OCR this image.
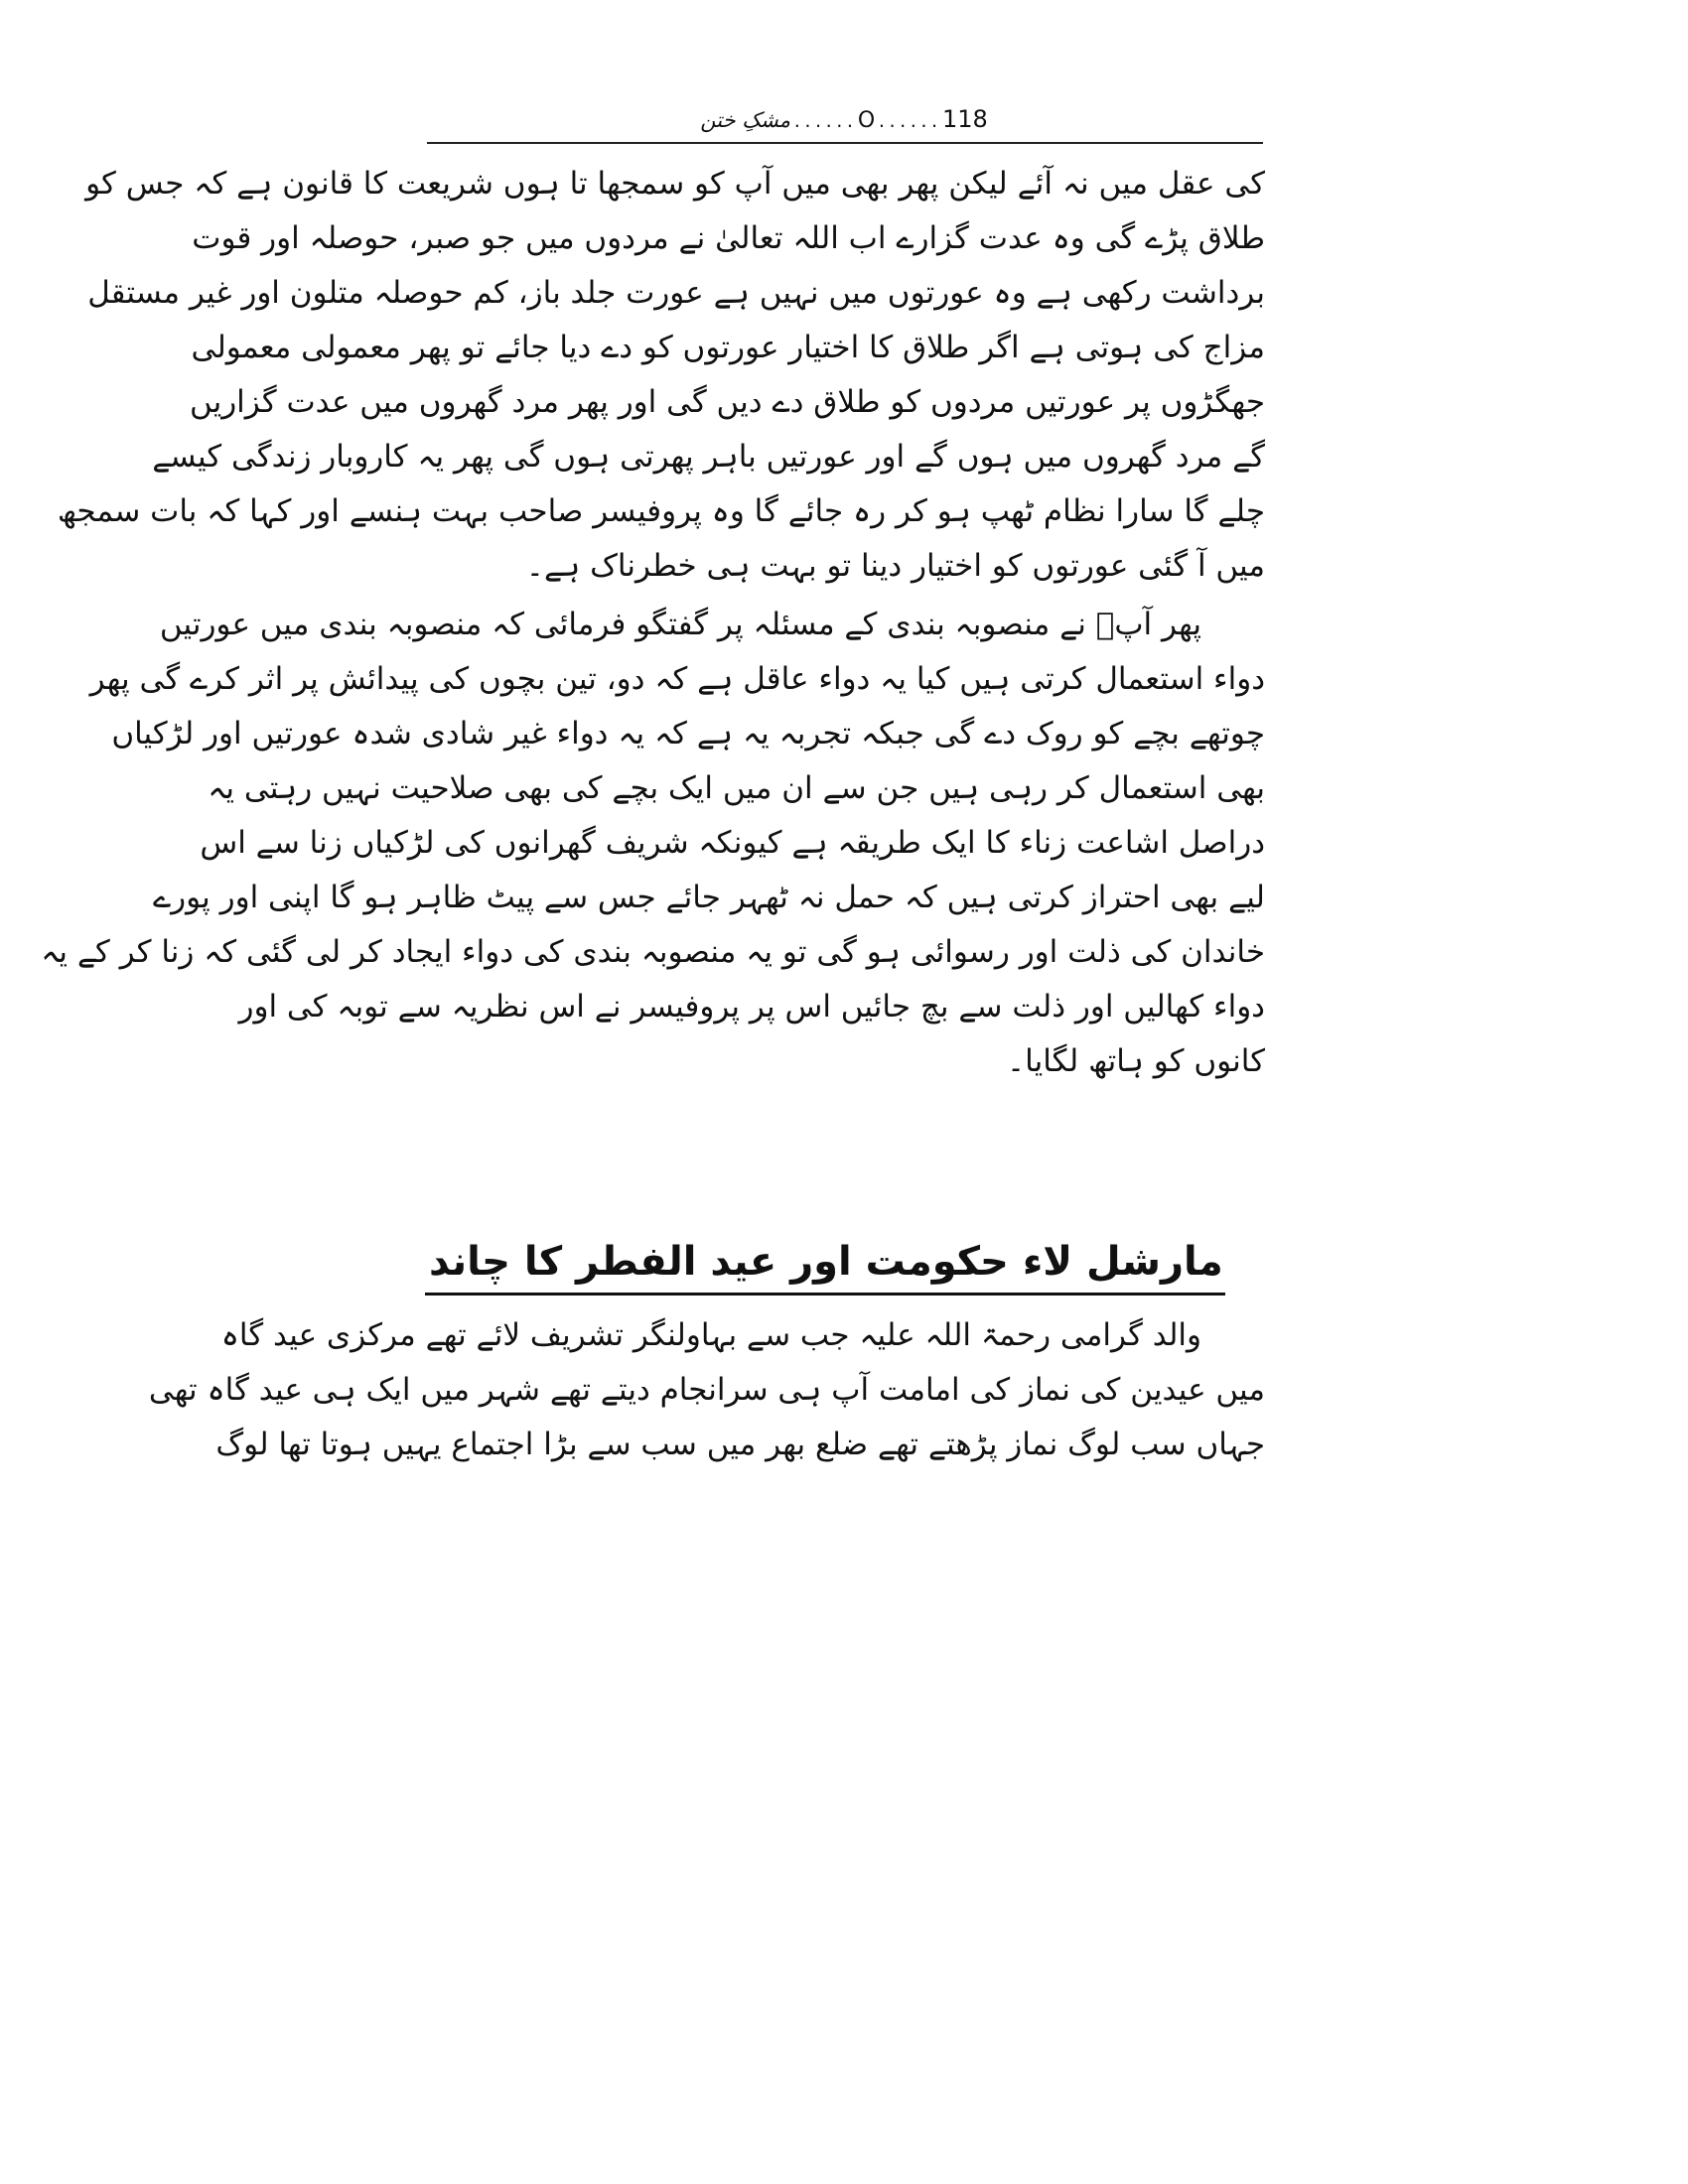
مشکِ ختن ......O ......118
کی عقل میں نہ آئے لیکن پھر بھی میں آپ کو سمجھا تا ہوں شریعت کا قانون ہے کہ جس کو
طلاق پڑے گی وہ عدت گزارے اب اللہ تعالیٰ نے مردوں میں جو صبر، حوصلہ اور قوت
برداشت رکھی ہے وہ عورتوں میں نہیں ہے عورت جلد باز، کم حوصلہ متلون اور غیر مستقل
مزاج کی ہوتی ہے اگر طلاق کا اختیار عورتوں کو دے دیا جائے تو پھر معمولی معمولی
جھگڑوں پر عورتیں مردوں کو طلاق دے دیں گی اور پھر مرد گھروں میں عدت گزاریں
گے مرد گھروں میں ہوں گے اور عورتیں باہر پھرتی ہوں گی پھر یہ کاروبار زندگی کیسے
چلے گا سارا نظام ٹھپ ہو کر رہ جائے گا وہ پروفیسر صاحب بہت ہنسے اور کہا کہ بات سمجھ
میں آ گئی عورتوں کو اختیار دینا تو بہت ہی خطرناک ہے۔
پھر آپؒ نے منصوبہ بندی کے مسئلہ پر گفتگو فرمائی کہ منصوبہ بندی میں عورتیں
دواء استعمال کرتی ہیں کیا یہ دواء عاقل ہے کہ دو، تین بچوں کی پیدائش پر اثر کرے گی پھر
چوتھے بچے کو روک دے گی جبکہ تجربہ یہ ہے کہ یہ دواء غیر شادی شدہ عورتیں اور لڑکیاں
بھی استعمال کر رہی ہیں جن سے ان میں ایک بچے کی بھی صلاحیت نہیں رہتی یہ
دراصل اشاعت زناء کا ایک طریقہ ہے کیونکہ شریف گھرانوں کی لڑکیاں زنا سے اس
لیے بھی احتراز کرتی ہیں کہ حمل نہ ٹھہر جائے جس سے پیٹ ظاہر ہو گا اپنی اور پورے
خاندان کی ذلت اور رسوائی ہو گی تو یہ منصوبہ بندی کی دواء ایجاد کر لی گئی کہ زنا کر کے یہ
دواء کھالیں اور ذلت سے بچ جائیں اس پر پروفیسر نے اس نظریہ سے توبہ کی اور
کانوں کو ہاتھ لگایا۔
مارشل لاء حکومت اور عید الفطر کا چاند
والد گرامی رحمۃ اللہ علیہ جب سے بہاولنگر تشریف لائے تھے مرکزی عید گاہ
میں عیدین کی نماز کی امامت آپ ہی سرانجام دیتے تھے شہر میں ایک ہی عید گاہ تھی
جہاں سب لوگ نماز پڑھتے تھے ضلع بھر میں سب سے بڑا اجتماع یہیں ہوتا تھا لوگ
